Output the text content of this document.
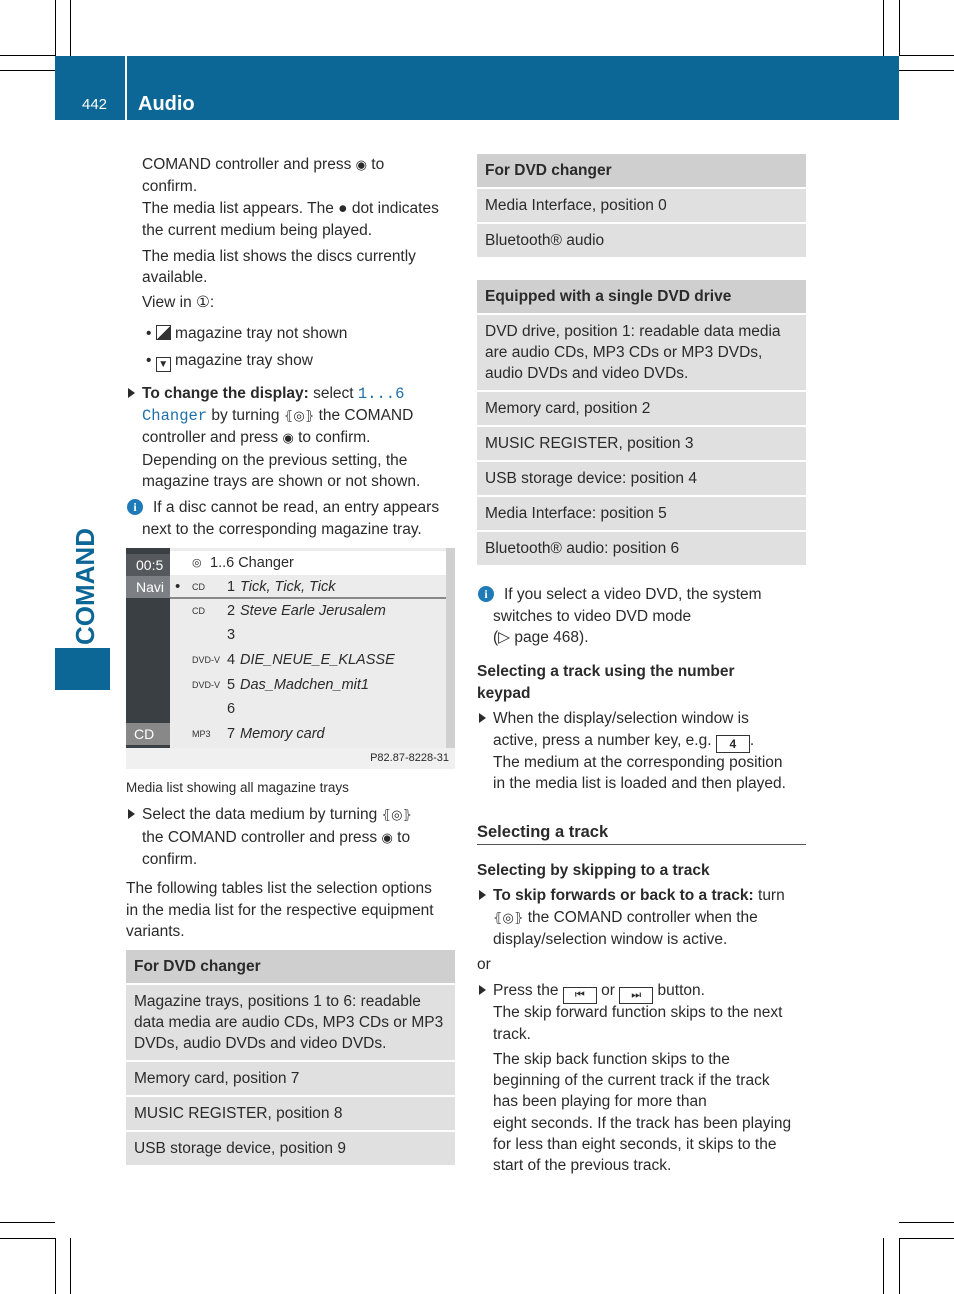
442 Audio
COMAND
COMAND controller and press ◉ to
confirm.
The media list appears. The ● dot indicates
the current medium being played.
The media list shows the discs currently
available.
View in ①:
•  magazine tray not shown
• ▼ magazine tray show
To change the display: select 1...6
Changer by turning ⦃◎⦄ the COMAND
controller and press ◉ to confirm.
Depending on the previous setting, the
magazine trays are shown or not shown.
i	If a disc cannot be read, an entry appears
next to the corresponding magazine tray.
00:5
Navi
CD
◎ 1..6 Changer
• CD 1 Tick, Tick, Tick
CD 2 Steve Earle Jerusalem
3
DVD-V 4 DIE_NEUE_E_KLASSE
DVD-V 5 Das_Madchen_mit1
6
MP3 7 Memory card
P82.87-8228-31
Media list showing all magazine trays
Select the data medium by turning ⦃◎⦄
the COMAND controller and press ◉ to
confirm.
The following tables list the selection options
in the media list for the respective equipment
variants.
For DVD changer
Magazine trays, positions 1 to 6: readable data media are audio CDs, MP3 CDs or MP3 DVDs, audio DVDs and video DVDs.
Memory card, position 7
MUSIC REGISTER, position 8
USB storage device, position 9
For DVD changer
Media Interface, position 0
Bluetooth® audio
Equipped with a single DVD drive
DVD drive, position 1: readable data media are audio CDs, MP3 CDs or MP3 DVDs, audio DVDs and video DVDs.
Memory card, position 2
MUSIC REGISTER, position 3
USB storage device: position 4
Media Interface: position 5
Bluetooth® audio: position 6
i	If you select a video DVD, the system
switches to video DVD mode
(▷ page 468).
Selecting a track using the number
keypad
When the display/selection window is
active, press a number key, e.g. 4 .
The medium at the corresponding position
in the media list is loaded and then played.
Selecting a track
Selecting by skipping to a track
To skip forwards or back to a track: turn
⦃◎⦄ the COMAND controller when the
display/selection window is active.
or
Press the ⏮ or ⏭ button.
The skip forward function skips to the next
track.
The skip back function skips to the
beginning of the current track if the track
has been playing for more than
eight seconds. If the track has been playing
for less than eight seconds, it skips to the
start of the previous track.
